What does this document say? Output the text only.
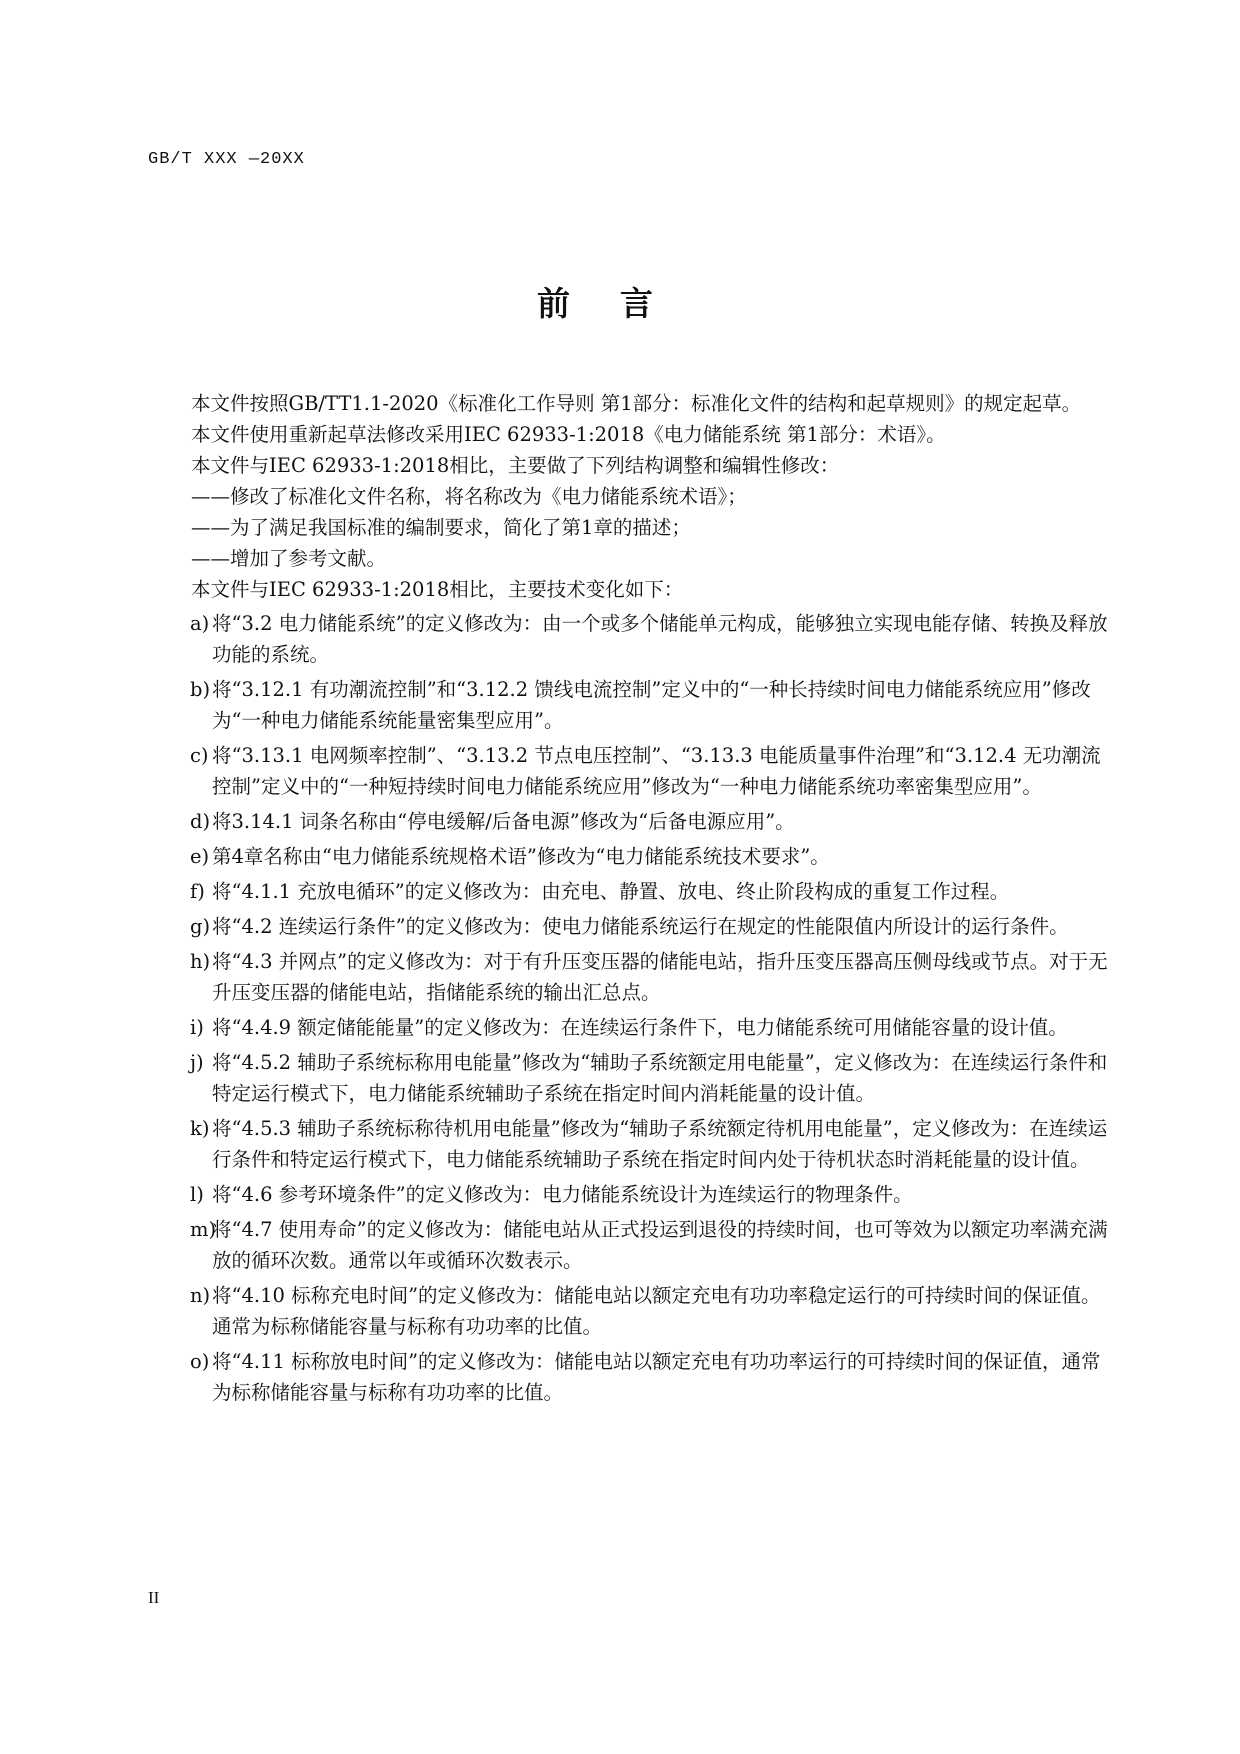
GB/T XXX —20XX
前言

本文件按照GB/TT1.1-2020《标准化工作导则 第1部分：标准化文件的结构和起草规则》的规定起草。

本文件使用重新起草法修改采用IEC 62933-1:2018《电力储能系统 第1部分：术语》。

本文件与IEC 62933-1:2018相比，主要做了下列结构调整和编辑性修改：

——修改了标准化文件名称，将名称改为《电力储能系统术语》；

——为了满足我国标准的编制要求，简化了第1章的描述；

——增加了参考文献。

本文件与IEC 62933-1:2018相比，主要技术变化如下：

a) 将“3.2 电力储能系统”的定义修改为：由一个或多个储能单元构成，能够独立实现电能存储、转换及释放功能的系统。
b) 将“3.12.1 有功潮流控制”和“3.12.2 馈线电流控制”定义中的“一种长持续时间电力储能系统应用”修改为“一种电力储能系统能量密集型应用”。
c) 将“3.13.1 电网频率控制”、“3.13.2 节点电压控制”、“3.13.3 电能质量事件治理”和“3.12.4 无功潮流控制”定义中的“一种短持续时间电力储能系统应用”修改为“一种电力储能系统功率密集型应用”。
d) 将3.14.1 词条名称由“停电缓解/后备电源”修改为“后备电源应用”。
e) 第4章名称由“电力储能系统规格术语”修改为“电力储能系统技术要求”。
f) 将“4.1.1 充放电循环”的定义修改为：由充电、静置、放电、终止阶段构成的重复工作过程。
g) 将“4.2 连续运行条件”的定义修改为：使电力储能系统运行在规定的性能限值内所设计的运行条件。
h) 将“4.3 并网点”的定义修改为：对于有升压变压器的储能电站，指升压变压器高压侧母线或节点。对于无升压变压器的储能电站，指储能系统的输出汇总点。
i) 将“4.4.9 额定储能能量”的定义修改为：在连续运行条件下，电力储能系统可用储能容量的设计值。
j) 将“4.5.2 辅助子系统标称用电能量”修改为“辅助子系统额定用电能量”，定义修改为：在连续运行条件和特定运行模式下，电力储能系统辅助子系统在指定时间内消耗能量的设计值。
k) 将“4.5.3 辅助子系统标称待机用电能量”修改为“辅助子系统额定待机用电能量”，定义修改为：在连续运行条件和特定运行模式下，电力储能系统辅助子系统在指定时间内处于待机状态时消耗能量的设计值。
l) 将“4.6 参考环境条件”的定义修改为：电力储能系统设计为连续运行的物理条件。
m)
将“4.7 使用寿命”的定义修改为：储能电站从正式投运到退役的持续时间，也可等效为以额定功率满充满放的循环次数。通常以年或循环次数表示。
n) 将“4.10 标称充电时间”的定义修改为：储能电站以额定充电有功功率稳定运行的可持续时间的保证值。通常为标称储能容量与标称有功功率的比值。
o) 将“4.11 标称放电时间”的定义修改为：储能电站以额定充电有功功率运行的可持续时间的保证值，通常为标称储能容量与标称有功功率的比值。
II
